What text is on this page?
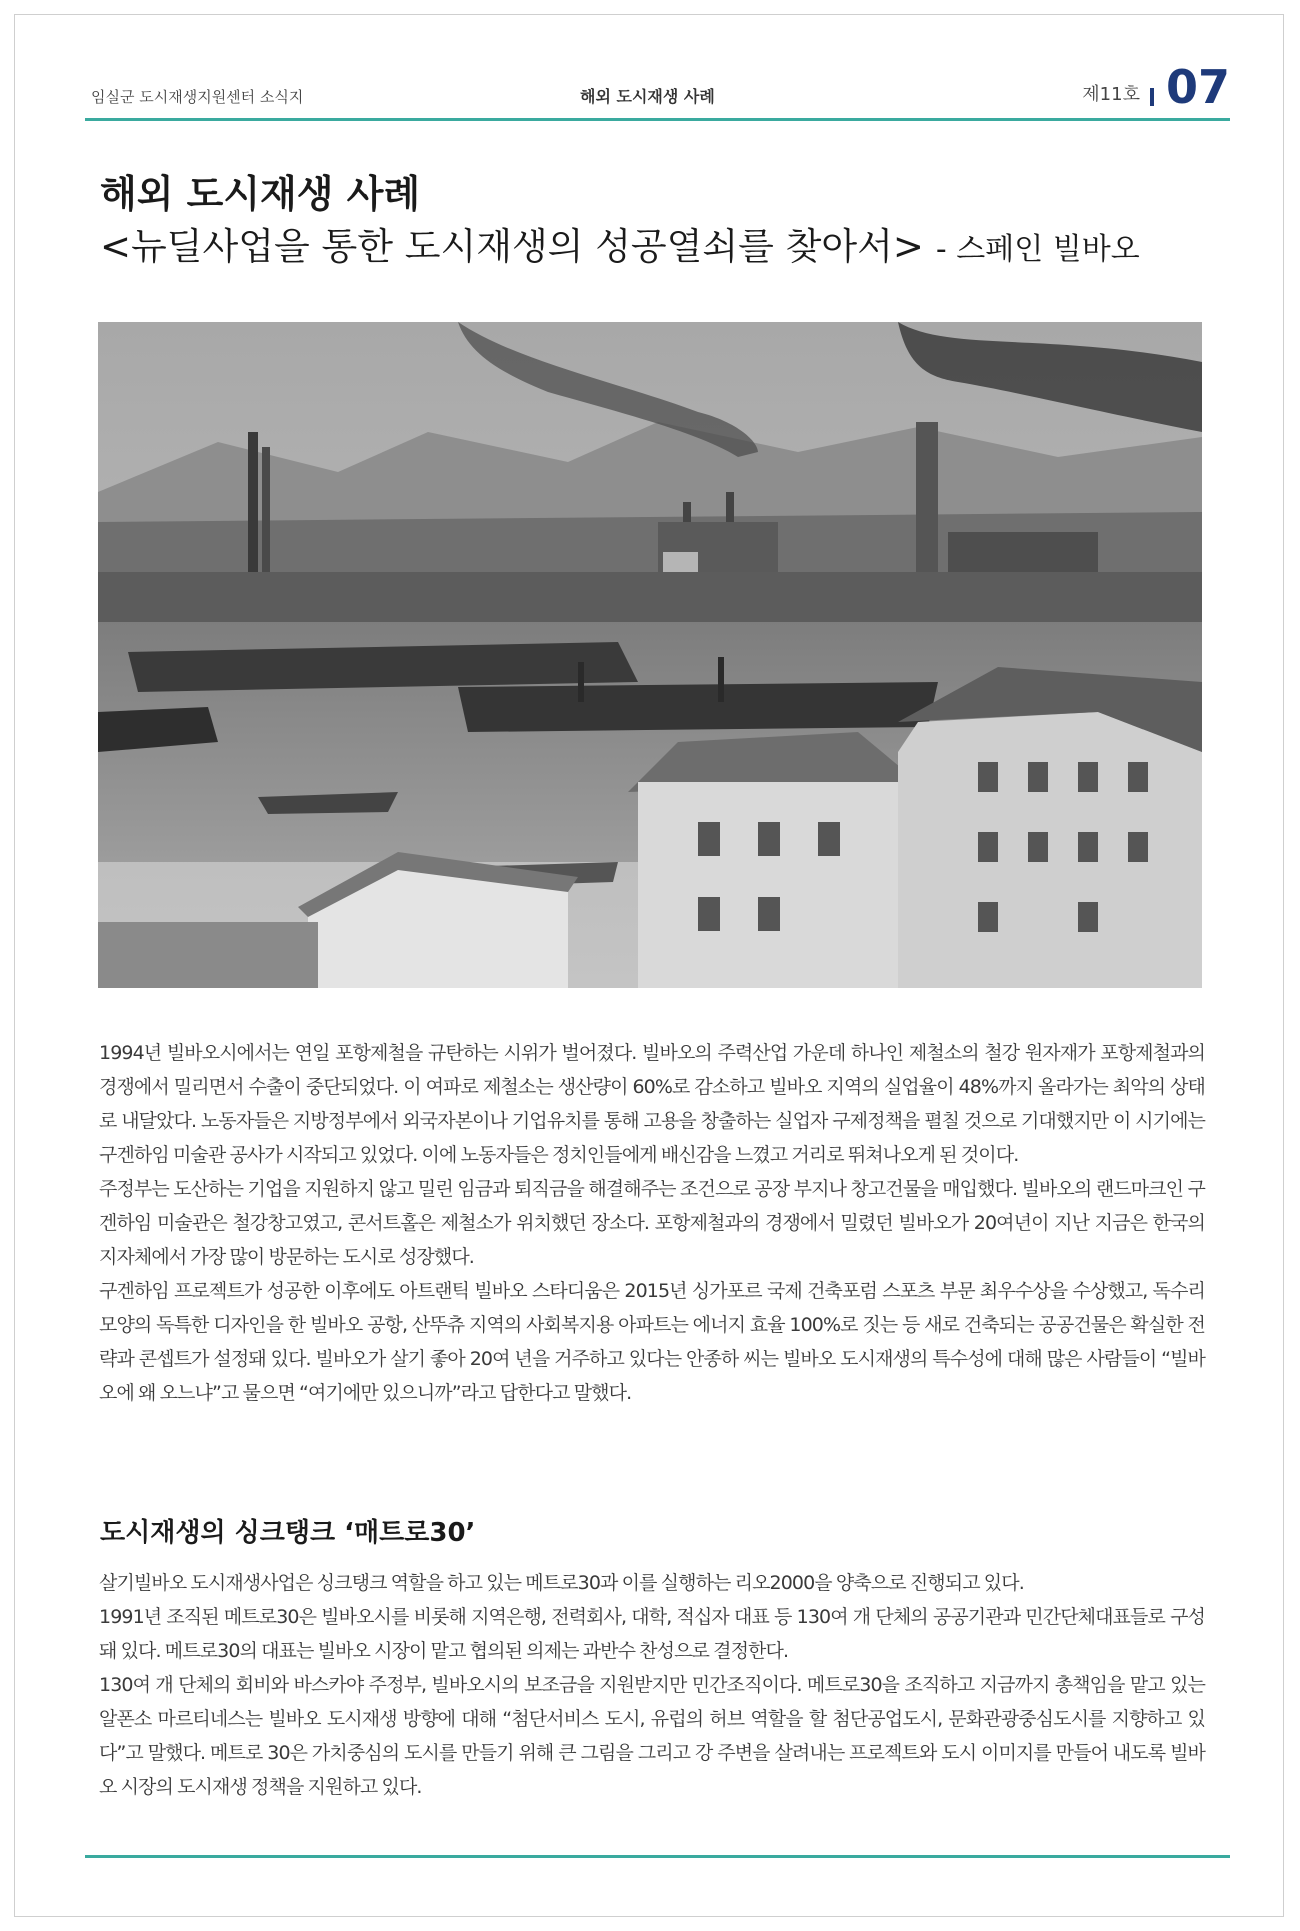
임실군 도시재생지원센터 소식지	해외 도시재생 사례	제11호 07
해외 도시재생 사례
<뉴딜사업을 통한 도시재생의 성공열쇠를 찾아서> - 스페인 빌바오

1994년 빌바오시에서는 연일 포항제철을 규탄하는 시위가 벌어졌다. 빌바오의 주력산업 가운데 하나인 제철소의 철강 원자재가 포항제철과의 경쟁에서 밀리면서 수출이 중단되었다. 이 여파로 제철소는 생산량이 60%로 감소하고 빌바오 지역의 실업율이 48%까지 올라가는 최악의 상태로 내달았다. 노동자들은 지방정부에서 외국자본이나 기업유치를 통해 고용을 창출하는 실업자 구제정책을 펼칠 것으로 기대했지만 이 시기에는 구겐하임 미술관 공사가 시작되고 있었다. 이에 노동자들은 정치인들에게 배신감을 느꼈고 거리로 뛰쳐나오게 된 것이다.

주정부는 도산하는 기업을 지원하지 않고 밀린 임금과 퇴직금을 해결해주는 조건으로 공장 부지나 창고건물을 매입했다. 빌바오의 랜드마크인 구겐하임 미술관은 철강창고였고, 콘서트홀은 제철소가 위치했던 장소다. 포항제철과의 경쟁에서 밀렸던 빌바오가 20여년이 지난 지금은 한국의 지자체에서 가장 많이 방문하는 도시로 성장했다.

구겐하임 프로젝트가 성공한 이후에도 아트랜틱 빌바오 스타디움은 2015년 싱가포르 국제 건축포럼 스포츠 부문 최우수상을 수상했고, 독수리 모양의 독특한 디자인을 한 빌바오 공항, 산뚜츄 지역의 사회복지용 아파트는 에너지 효율 100%로 짓는 등 새로 건축되는 공공건물은 확실한 전략과 콘셉트가 설정돼 있다. 빌바오가 살기 좋아 20여 년을 거주하고 있다는 안종하 씨는 빌바오 도시재생의 특수성에 대해 많은 사람들이 “빌바오에 왜 오느냐”고 물으면 “여기에만 있으니까”라고 답한다고 말했다.

도시재생의 싱크탱크 ‘매트로30’

살기빌바오 도시재생사업은 싱크탱크 역할을 하고 있는 메트로30과 이를 실행하는 리오2000을 양축으로 진행되고 있다.

1991년 조직된 메트로30은 빌바오시를 비롯해 지역은행, 전력회사, 대학, 적십자 대표 등 130여 개 단체의 공공기관과 민간단체대표들로 구성돼 있다. 메트로30의 대표는 빌바오 시장이 맡고 협의된 의제는 과반수 찬성으로 결정한다.

130여 개 단체의 회비와 바스카야 주정부, 빌바오시의 보조금을 지원받지만 민간조직이다. 메트로30을 조직하고 지금까지 총책임을 맡고 있는 알폰소 마르티네스는 빌바오 도시재생 방향에 대해 “첨단서비스 도시, 유럽의 허브 역할을 할 첨단공업도시, 문화관광중심도시를 지향하고 있다”고 말했다. 메트로 30은 가치중심의 도시를 만들기 위해 큰 그림을 그리고 강 주변을 살려내는 프로젝트와 도시 이미지를 만들어 내도록 빌바오 시장의 도시재생 정책을 지원하고 있다.
